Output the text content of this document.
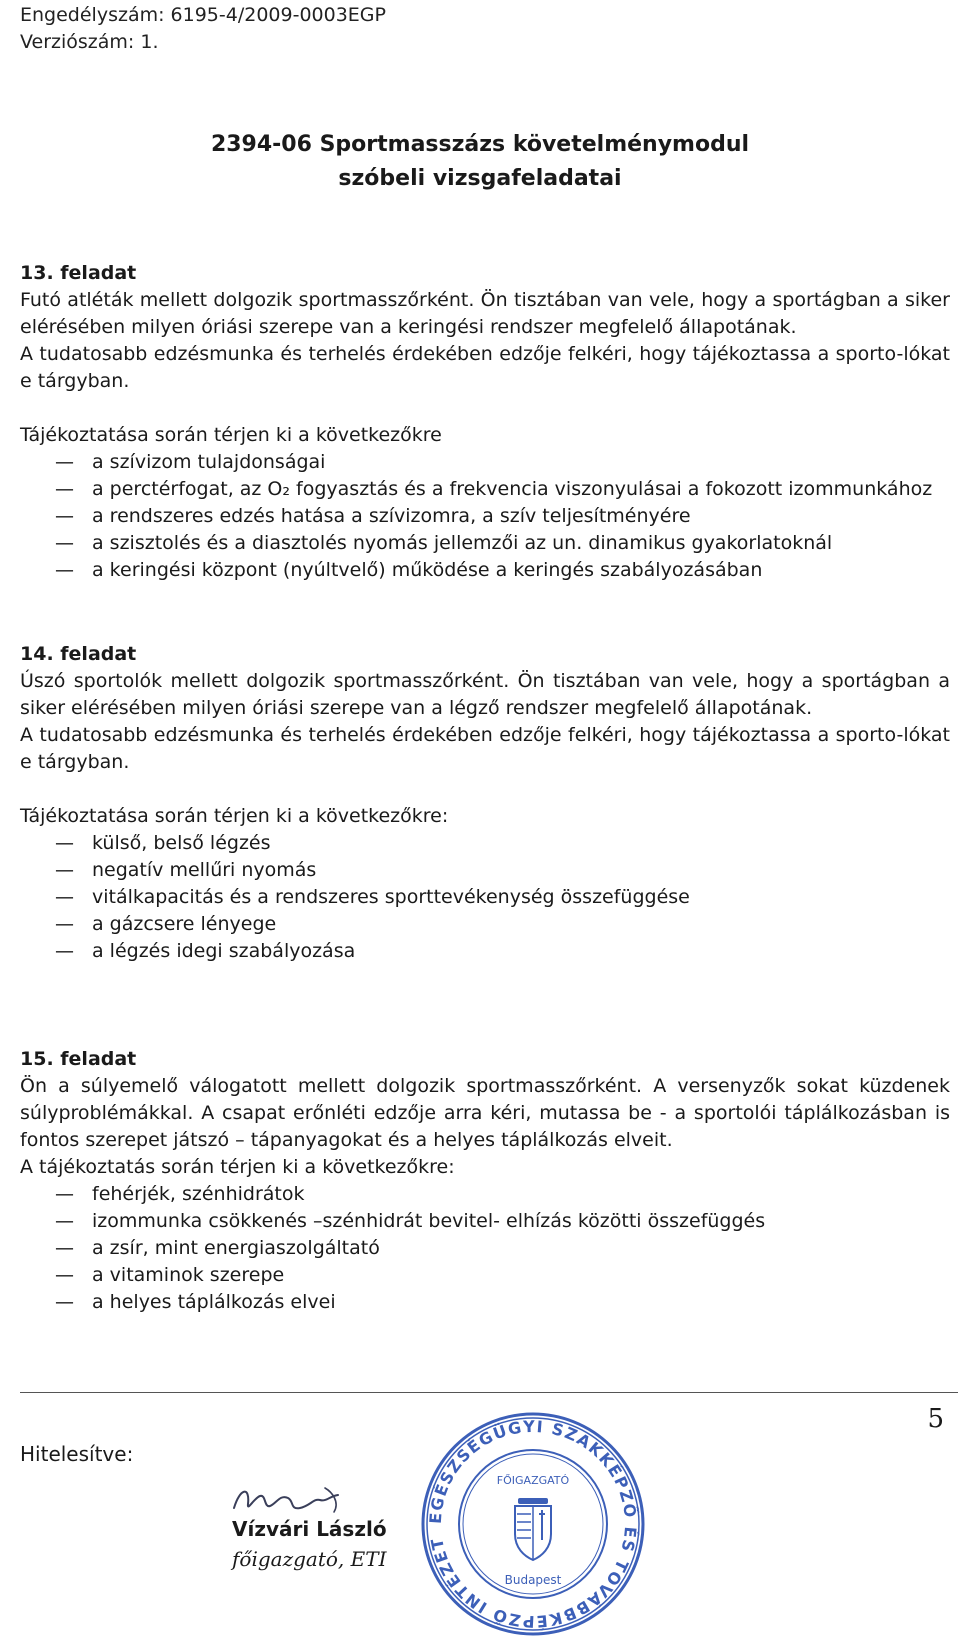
Engedélyszám: 6195-4/2009-0003EGP
Verziószám: 1.
2394-06 Sportmasszázs követelménymodul
szóbeli vizsgafeladatai
13. feladat
Futó atléták mellett dolgozik sportmasszőrként. Ön tisztában van vele, hogy a sportágban a siker elérésében milyen óriási szerepe van a keringési rendszer megfelelő állapotának.
A tudatosabb edzésmunka és terhelés érdekében edzője felkéri, hogy tájékoztassa a sporto-lókat e tárgyban.
Tájékoztatása során térjen ki a következőkre
— a szívizom tulajdonságai
— a perctérfogat, az O₂ fogyasztás és a frekvencia viszonyulásai a fokozott izommunkához
— a rendszeres edzés hatása a szívizomra, a szív teljesítményére
— a szisztolés és a diasztolés nyomás jellemzői az un. dinamikus gyakorlatoknál
— a keringési központ (nyúltvelő) működése a keringés szabályozásában
14. feladat
Úszó sportolók mellett dolgozik sportmasszőrként. Ön tisztában van vele, hogy a sportágban a siker elérésében milyen óriási szerepe van a légző rendszer megfelelő állapotának.
A tudatosabb edzésmunka és terhelés érdekében edzője felkéri, hogy tájékoztassa a sporto-lókat e tárgyban.
Tájékoztatása során térjen ki a következőkre:
— külső, belső légzés
— negatív mellűri nyomás
— vitálkapacitás és a rendszeres sporttevékenység összefüggése
— a gázcsere lényege
— a légzés idegi szabályozása
15. feladat
Ön a súlyemelő válogatott mellett dolgozik sportmasszőrként. A versenyzők sokat küzdenek súlyproblémákkal. A csapat erőnléti edzője arra kéri, mutassa be - a sportolói táplálkozásban is fontos szerepet játszó – tápanyagokat és a helyes táplálkozás elveit.
A tájékoztatás során térjen ki a következőkre:
— fehérjék, szénhidrátok
— izommunka csökkenés –szénhidrát bevitel- elhízás közötti összefüggés
— a zsír, mint energiaszolgáltató
— a vitaminok szerepe
— a helyes táplálkozás elvei
5
Hitelesítve:
Vízvári László
főigazgató, ETI
EGÉSZSÉGÜGYI SZAKKÉPZŐ ÉS TOVÁBBKÉPZŐ INTÉZET
FŐIGAZGATÓ
Budapest
